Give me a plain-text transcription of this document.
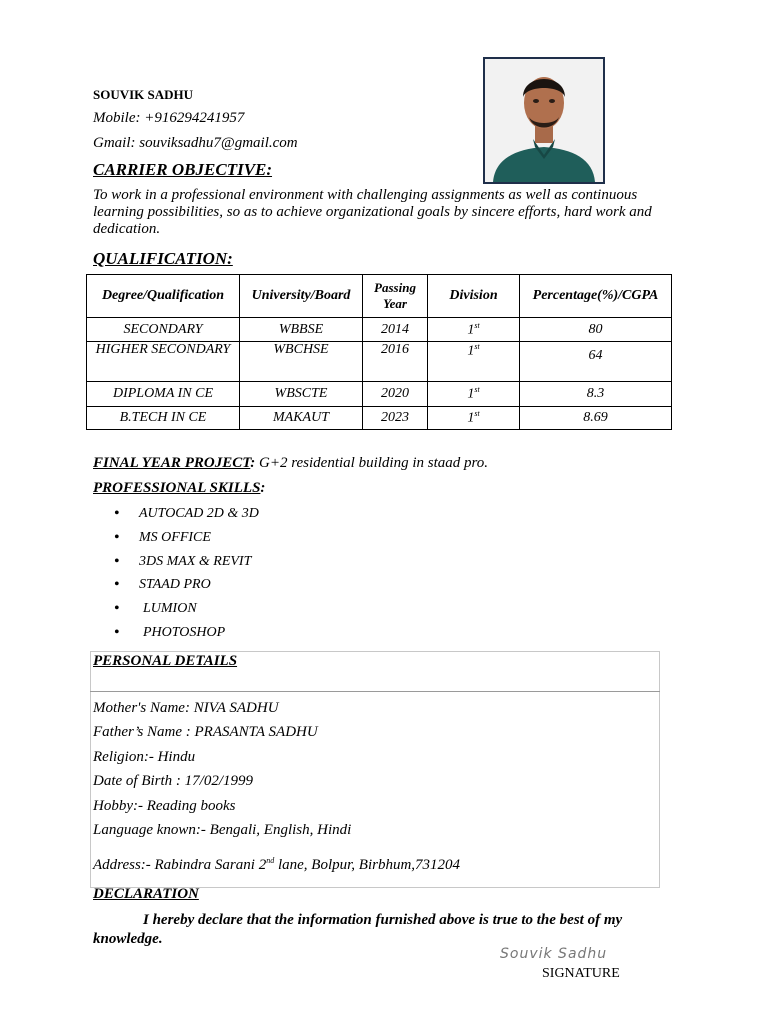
SOUVIK SADHU
Mobile: +916294241957
Gmail: souviksadhu7@gmail.com
CARRIER OBJECTIVE:
To work in a professional environment with challenging assignments as well as continuous learning possibilities, so as to achieve organizational goals by sincere efforts, hard work and dedication.
QUALIFICATION:
Degree/Qualification	University/Board	Passing Year	Division	Percentage(%)/CGPA
SECONDARY	WBBSE	2014	1st	80
HIGHER SECONDARY	WBCHSE	2016	1st	64
DIPLOMA IN CE	WBSCTE	2020	1st	8.3
B.TECH IN CE	MAKAUT	2023	1st	8.69
FINAL YEAR PROJECT: G+2 residential building in staad pro.
PROFESSIONAL SKILLS:
• AUTOCAD 2D & 3D
• MS OFFICE
• 3DS MAX & REVIT
• STAAD PRO
• LUMION
• PHOTOSHOP
PERSONAL DETAILS
Mother's Name: NIVA SADHU
Father’s Name : PRASANTA SADHU
Religion:- Hindu
Date of Birth : 17/02/1999
Hobby:- Reading books
Language known:- Bengali, English, Hindi
Address:- Rabindra Sarani 2nd lane, Bolpur, Birbhum,731204
DECLARATION
I hereby declare that the information furnished above is true to the best of my knowledge.
Souvik Sadhu
SIGNATURE
